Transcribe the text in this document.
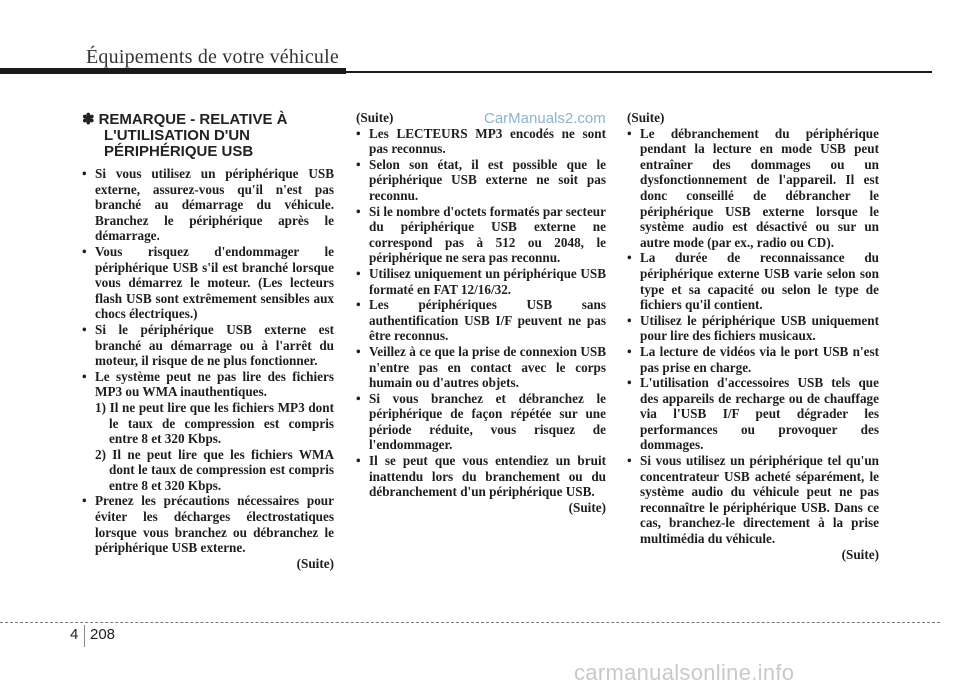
Équipements de votre véhicule
CarManuals2.com
✽ REMARQUE - RELATIVE À
L'UTILISATION D'UN
PÉRIPHÉRIQUE USB
• Si vous utilisez un périphérique USB externe, assurez-vous qu'il n'est pas branché au démarrage du véhicule. Branchez le périphérique après le démarrage.
• Vous risquez d'endommager le périphérique USB s'il est branché lorsque vous démarrez le moteur. (Les lecteurs flash USB sont extrêmement sensibles aux chocs électriques.)
• Si le périphérique USB externe est branché au démarrage ou à l'arrêt du moteur, il risque de ne plus fonctionner.
• Le système peut ne pas lire des fichiers MP3 ou WMA inauthentiques.
1) Il ne peut lire que les fichiers MP3 dont le taux de compression est compris entre 8 et 320 Kbps.
2) Il ne peut lire que les fichiers WMA dont le taux de compression est compris entre 8 et 320 Kbps.
• Prenez les précautions nécessaires pour éviter les décharges électrostatiques lorsque vous branchez ou débranchez le périphérique USB externe.
(Suite)
(Suite)
• Les LECTEURS MP3 encodés ne sont pas reconnus.
• Selon son état, il est possible que le périphérique USB externe ne soit pas reconnu.
• Si le nombre d'octets formatés par secteur du périphérique USB externe ne correspond pas à 512 ou 2048, le périphérique ne sera pas reconnu.
• Utilisez uniquement un périphérique USB formaté en FAT 12/16/32.
• Les périphériques USB sans authentification USB I/F peuvent ne pas être reconnus.
• Veillez à ce que la prise de connexion USB n'entre pas en contact avec le corps humain ou d'autres objets.
• Si vous branchez et débranchez le périphérique de façon répétée sur une période réduite, vous risquez de l'endommager.
• Il se peut que vous entendiez un bruit inattendu lors du branchement ou du débranchement d'un périphérique USB.
(Suite)
(Suite)
• Le débranchement du périphérique pendant la lecture en mode USB peut entraîner des dommages ou un dysfonctionnement de l'appareil. Il est donc conseillé de débrancher le périphérique USB externe lorsque le système audio est désactivé ou sur un autre mode (par ex., radio ou CD).
• La durée de reconnaissance du périphérique externe USB varie selon son type et sa capacité ou selon le type de fichiers qu'il contient.
• Utilisez le périphérique USB uniquement pour lire des fichiers musicaux.
• La lecture de vidéos via le port USB n'est pas prise en charge.
• L'utilisation d'accessoires USB tels que des appareils de recharge ou de chauffage via l'USB I/F peut dégrader les performances ou provoquer des dommages.
• Si vous utilisez un périphérique tel qu'un concentrateur USB acheté séparément, le système audio du véhicule peut ne pas reconnaître le périphérique USB. Dans ce cas, branchez-le directement à la prise multimédia du véhicule.
(Suite)
4 208
carmanualsonline.info
